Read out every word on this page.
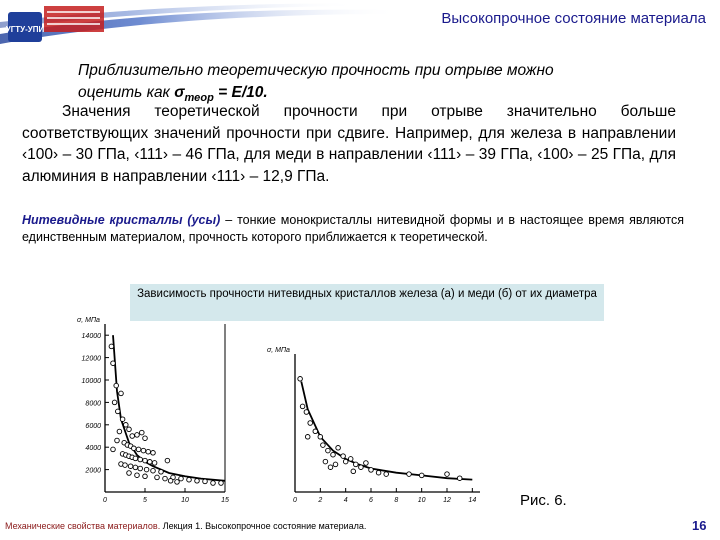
УГТУ-УПИ
Высокопрочное состояние материала
Приблизительно теоретическую прочность при отрыве можно
оценить как $\sigma_{теор} = E/10$.
Значения теоретической прочности при отрыве значительно больше соответствующих значений прочности при сдвиге. Например, для железа в направлении ‹100› – 30 ГПа, ‹111› – 46 ГПа, для меди в направлении ‹111› – 39 ГПа, ‹100› – 25 ГПа, для алюминия в направлении ‹111› – 12,9 ГПа.
Нитевидные кристаллы (усы) – тонкие монокристаллы нитевидной формы и в настоящее время являются единственным материалом, прочность которого приближается к теоретической.
σ, МПа
2000
4000
6000
8000
10000
12000
14000
0	5	10	15
σ, МПа
0	2	4	6	8	10	12	14
Зависимость прочности нитевидных кристаллов железа (а) и меди (б) от их диаметра
Рис. 6.
Механические свойства материалов. Лекция 1. Высокопрочное состояние материала.	16
